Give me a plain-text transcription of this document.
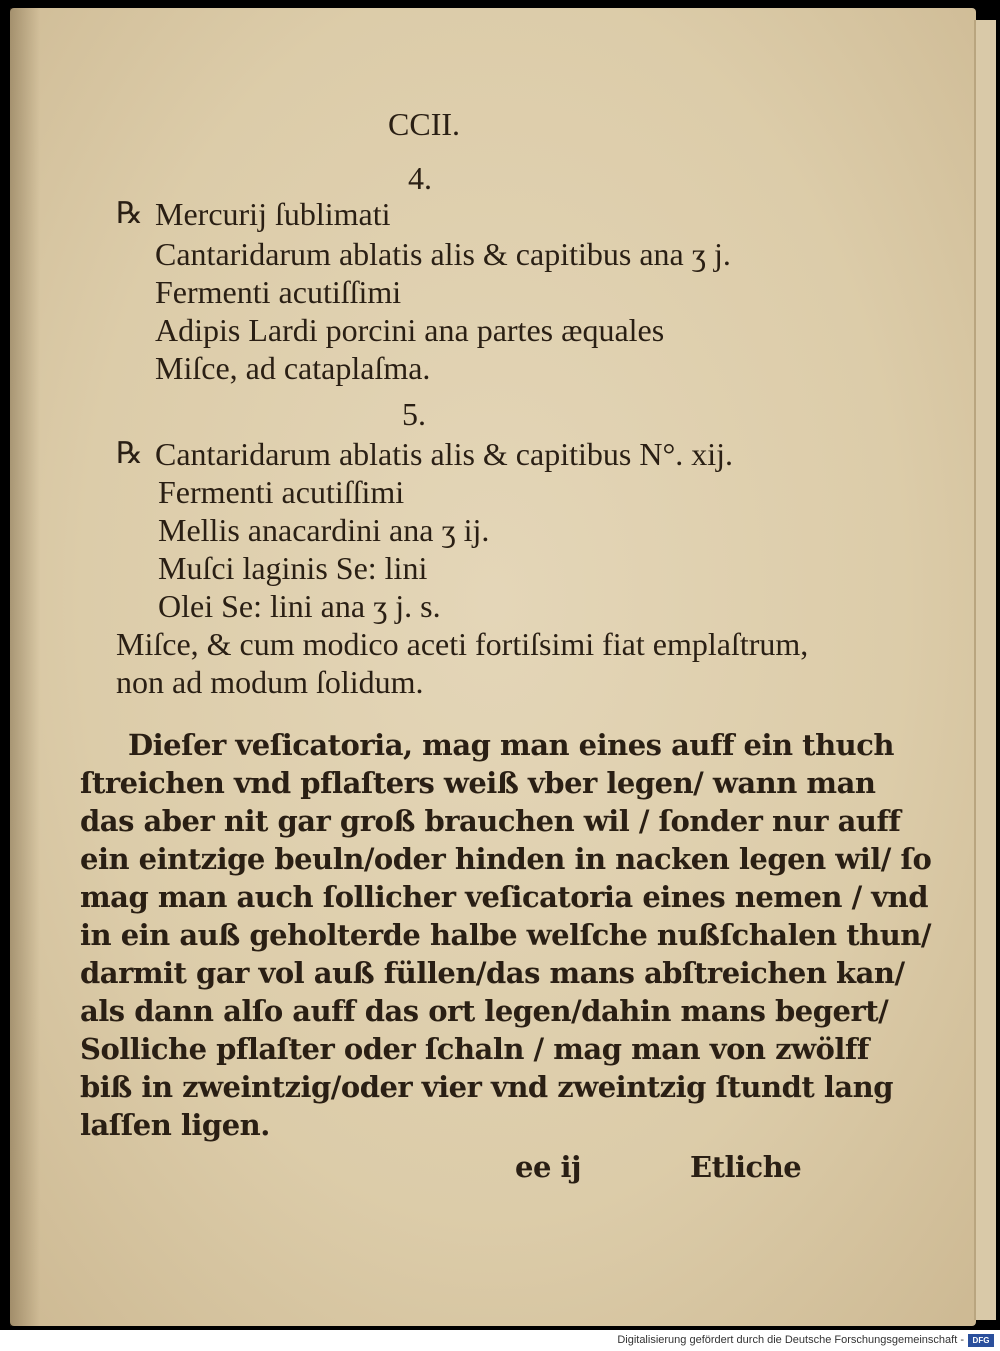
CCII.
4.
℞ Mercurij ſublimati
Cantaridarum ablatis alis & capitibus ana ʒ j.
Fermenti acutiſſimi
Adipis Lardi porcini ana partes æquales
Miſce, ad cataplaſma.
5.
℞ Cantaridarum ablatis alis & capitibus N°. xij.
Fermenti acutiſſimi
Mellis anacardini ana ʒ ij.
Muſci laginis Se: lini
Olei Se: lini ana ʒ j. s.
Miſce, & cum modico aceti fortiſsimi fiat emplaſtrum,
non ad modum ſolidum.
Dieſer veſicatoria, mag man eines auff ein thuch
ſtreichen vnd pflaſters weiß vber legen/ wann man
das aber nit gar groß brauchen wil / ſonder nur auff
ein eintzige beuln/oder hinden in nacken legen wil/ ſo
mag man auch ſollicher veſicatoria eines nemen / vnd
in ein auß geholterde halbe welſche nußſchalen thun/
darmit gar vol auß füllen/das mans abſtreichen kan/
als dann alſo auff das ort legen/dahin mans begert/
Solliche pflaſter oder ſchaln / mag man von zwölff
biß in zweintzig/oder vier vnd zweintzig ſtundt lang
laſſen ligen.
ee ij	Etliche
Digitalisierung gefördert durch die Deutsche Forschungsgemeinschaft -	DFG
